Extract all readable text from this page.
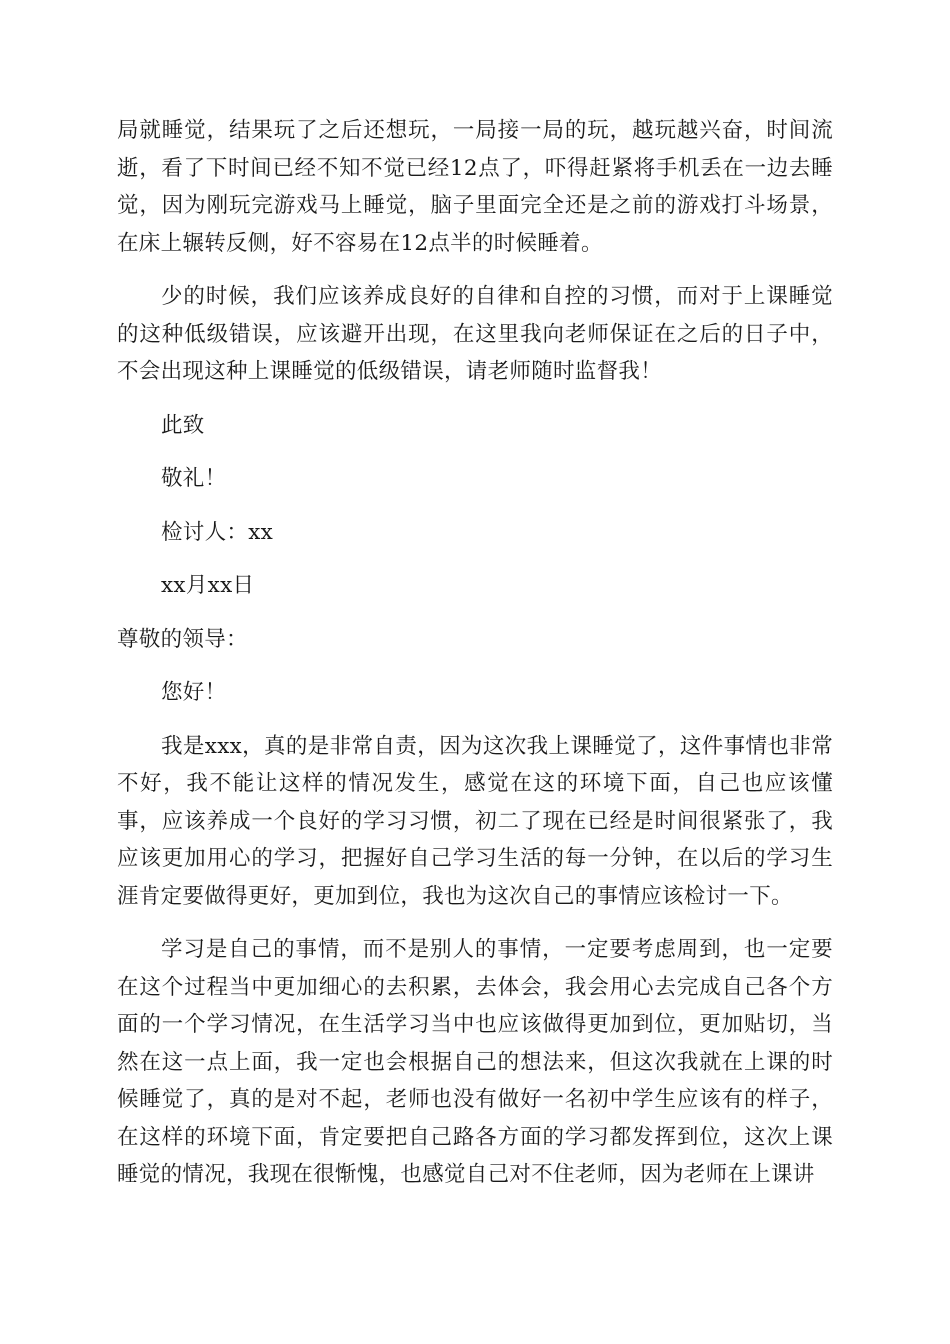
局就睡觉，结果玩了之后还想玩，一局接一局的玩，越玩越兴奋，时间流逝，看了下时间已经不知不觉已经12点了，吓得赶紧将手机丢在一边去睡觉，因为刚玩完游戏马上睡觉，脑子里面完全还是之前的游戏打斗场景，在床上辗转反侧，好不容易在12点半的时候睡着。

少的时候，我们应该养成良好的自律和自控的习惯，而对于上课睡觉的这种低级错误，应该避开出现，在这里我向老师保证在之后的日子中，不会出现这种上课睡觉的低级错误，请老师随时监督我！

此致

敬礼！

检讨人：xx

xx月xx日

尊敬的领导：

您好！

我是xxx，真的是非常自责，因为这次我上课睡觉了，这件事情也非常不好，我不能让这样的情况发生，感觉在这的环境下面，自己也应该懂事，应该养成一个良好的学习习惯，初二了现在已经是时间很紧张了，我应该更加用心的学习，把握好自己学习生活的每一分钟，在以后的学习生涯肯定要做得更好，更加到位，我也为这次自己的事情应该检讨一下。

学习是自己的事情，而不是别人的事情，一定要考虑周到，也一定要在这个过程当中更加细心的去积累，去体会，我会用心去完成自己各个方面的一个学习情况，在生活学习当中也应该做得更加到位，更加贴切，当然在这一点上面，我一定也会根据自己的想法来，但这次我就在上课的时候睡觉了，真的是对不起，老师也没有做好一名初中学生应该有的样子，在这样的环境下面，肯定要把自己路各方面的学习都发挥到位，这次上课睡觉的情况，我现在很惭愧，也感觉自己对不住老师，因为老师在上课讲
